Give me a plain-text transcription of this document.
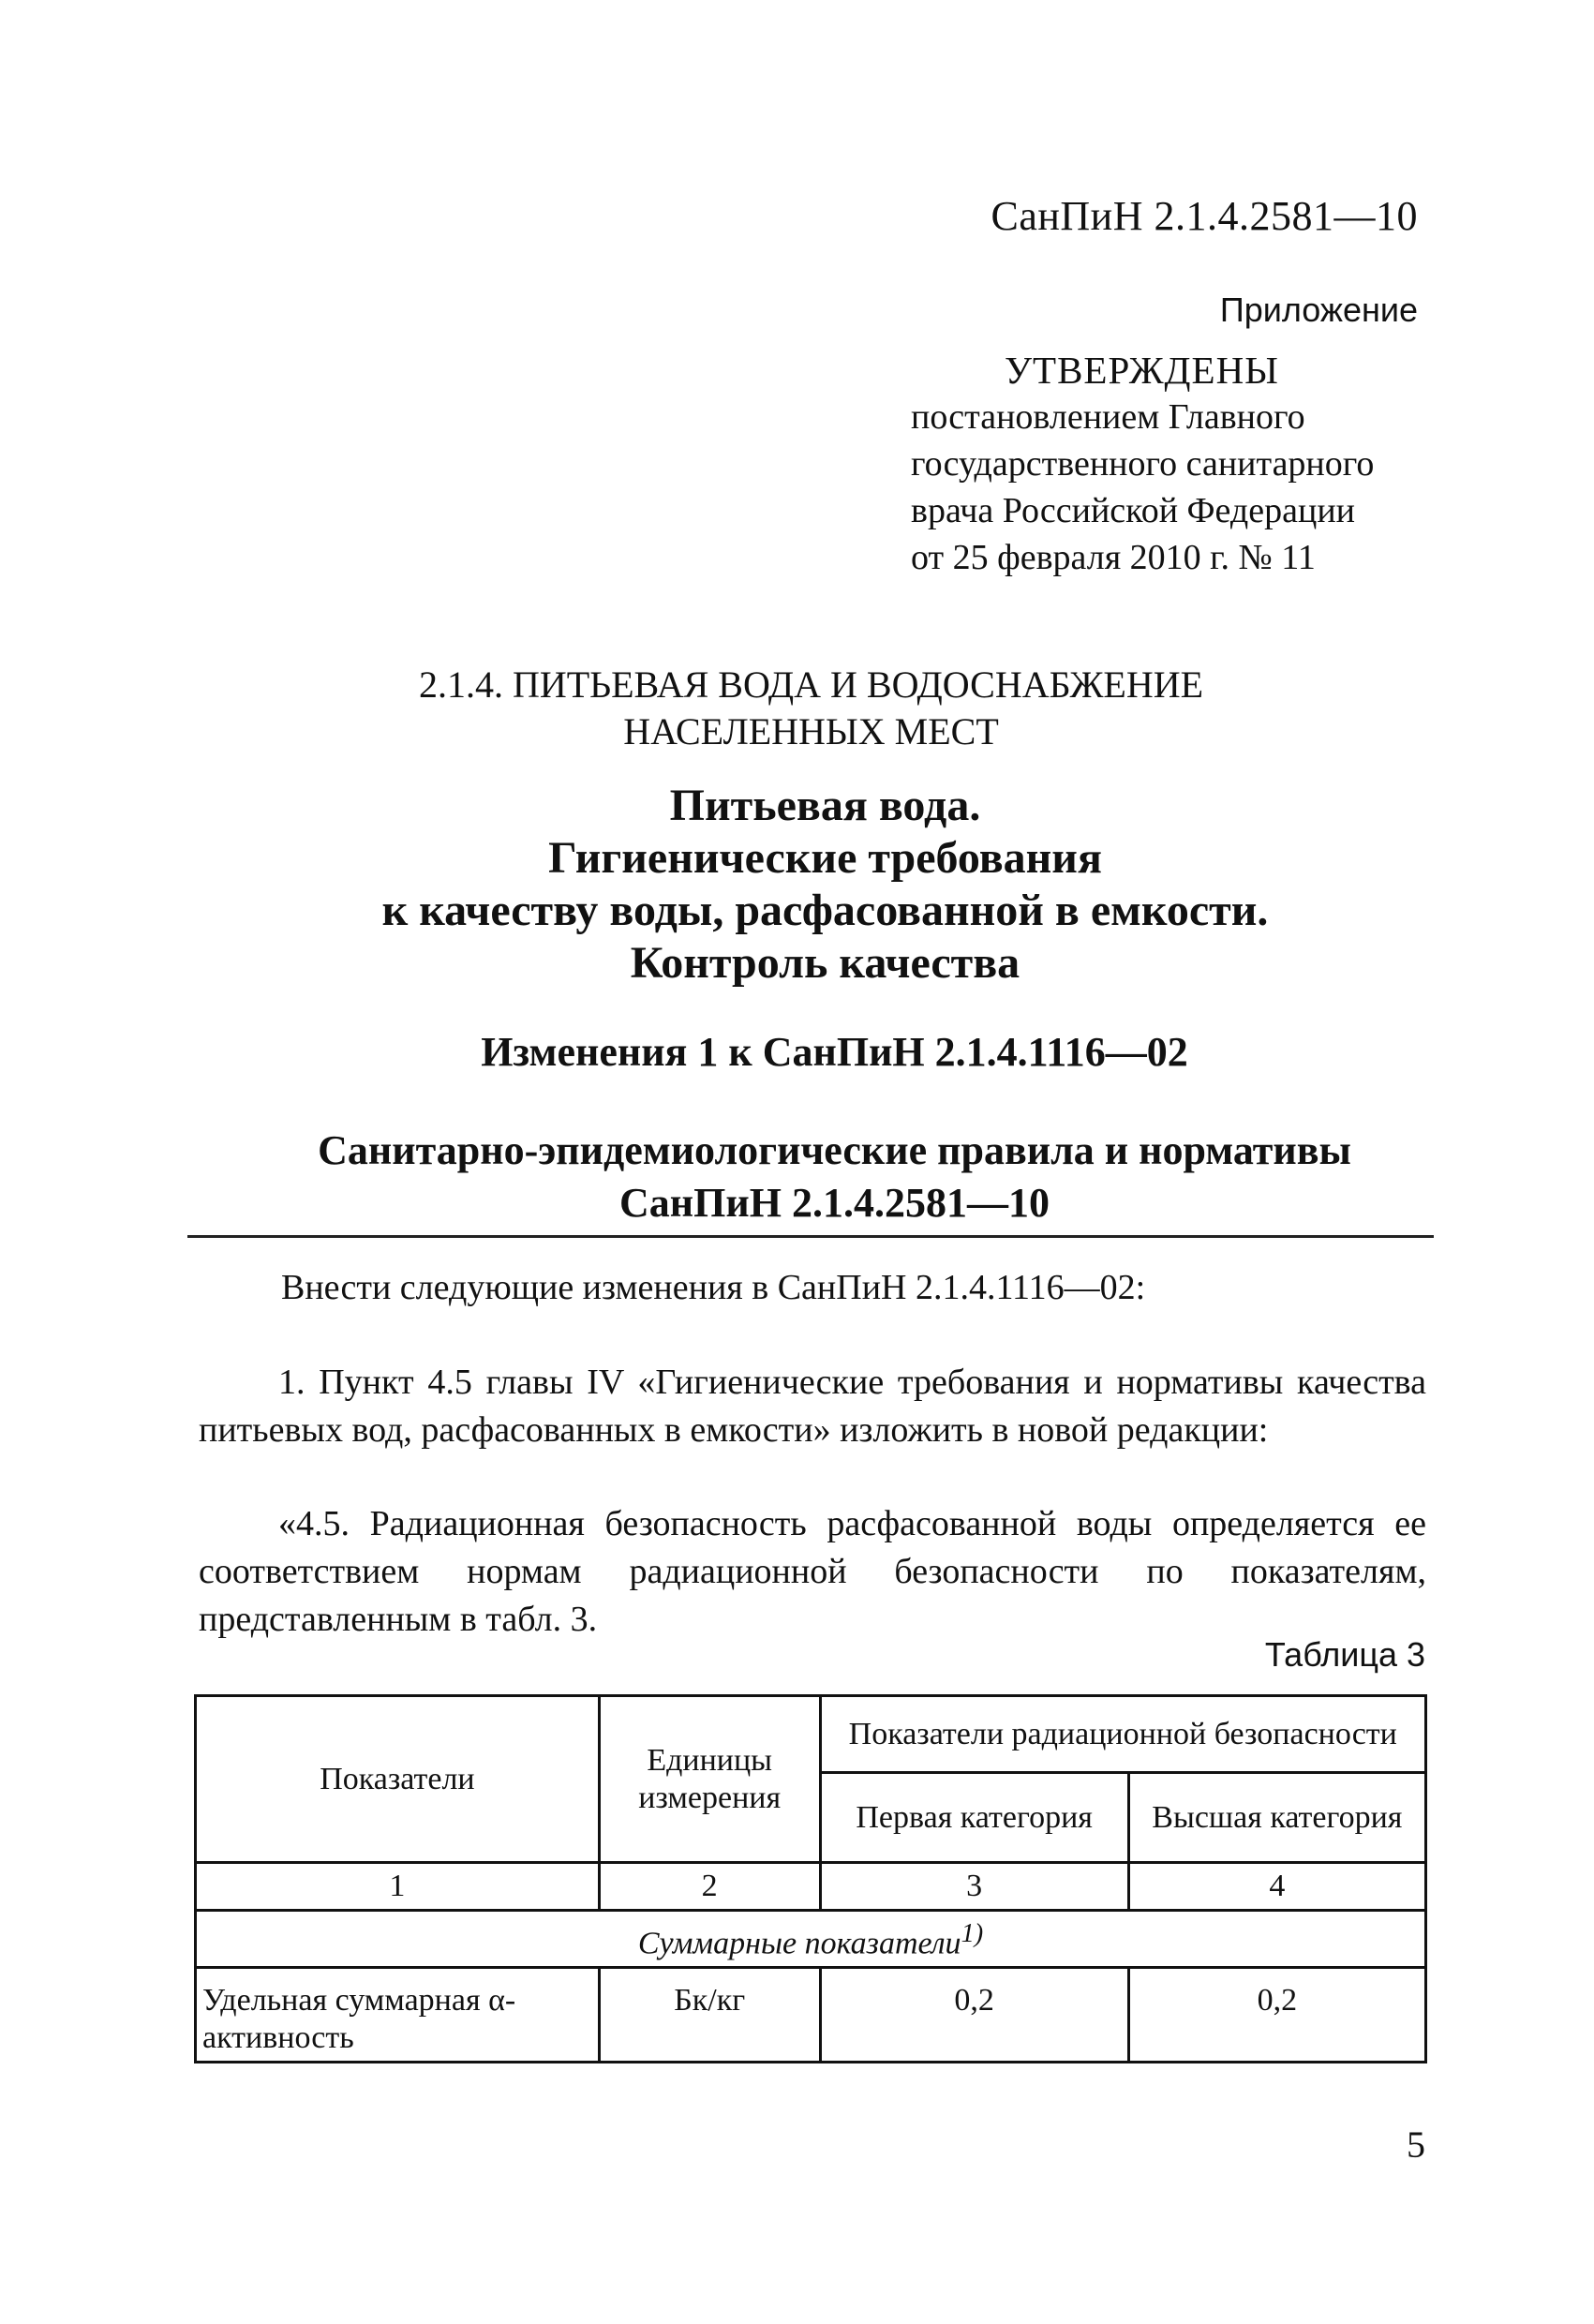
СанПиН 2.1.4.2581—10
Приложение
УТВЕРЖДЕНЫ
постановлением Главного
государственного санитарного
врача Российской Федерации
от 25 февраля 2010 г. № 11
2.1.4. ПИТЬЕВАЯ ВОДА И ВОДОСНАБЖЕНИЕ
НАСЕЛЕННЫХ МЕСТ
Питьевая вода.
Гигиенические требования
к качеству воды, расфасованной в емкости.
Контроль качества
Изменения 1 к СанПиН 2.1.4.1116—02
Санитарно-эпидемиологические правила и нормативы
СанПиН 2.1.4.2581—10
Внести следующие изменения в СанПиН 2.1.4.1116—02:
1. Пункт 4.5 главы IV «Гигиенические требования и нормативы качества питьевых вод, расфасованных в емкости» изложить в новой редакции:
«4.5. Радиационная безопасность расфасованной воды определяется ее соответствием нормам радиационной безопасности по показателям, представленным в табл. 3.
Таблица 3
Показатели	Единицы измерения	Показатели радиационной безопасности	
		Первая категория	Высшая категория
1	2	3	4
Суммарные показатели$^{1)}$
Удельная суммарная α-активность	Бк/кг	0,2	0,2
5
